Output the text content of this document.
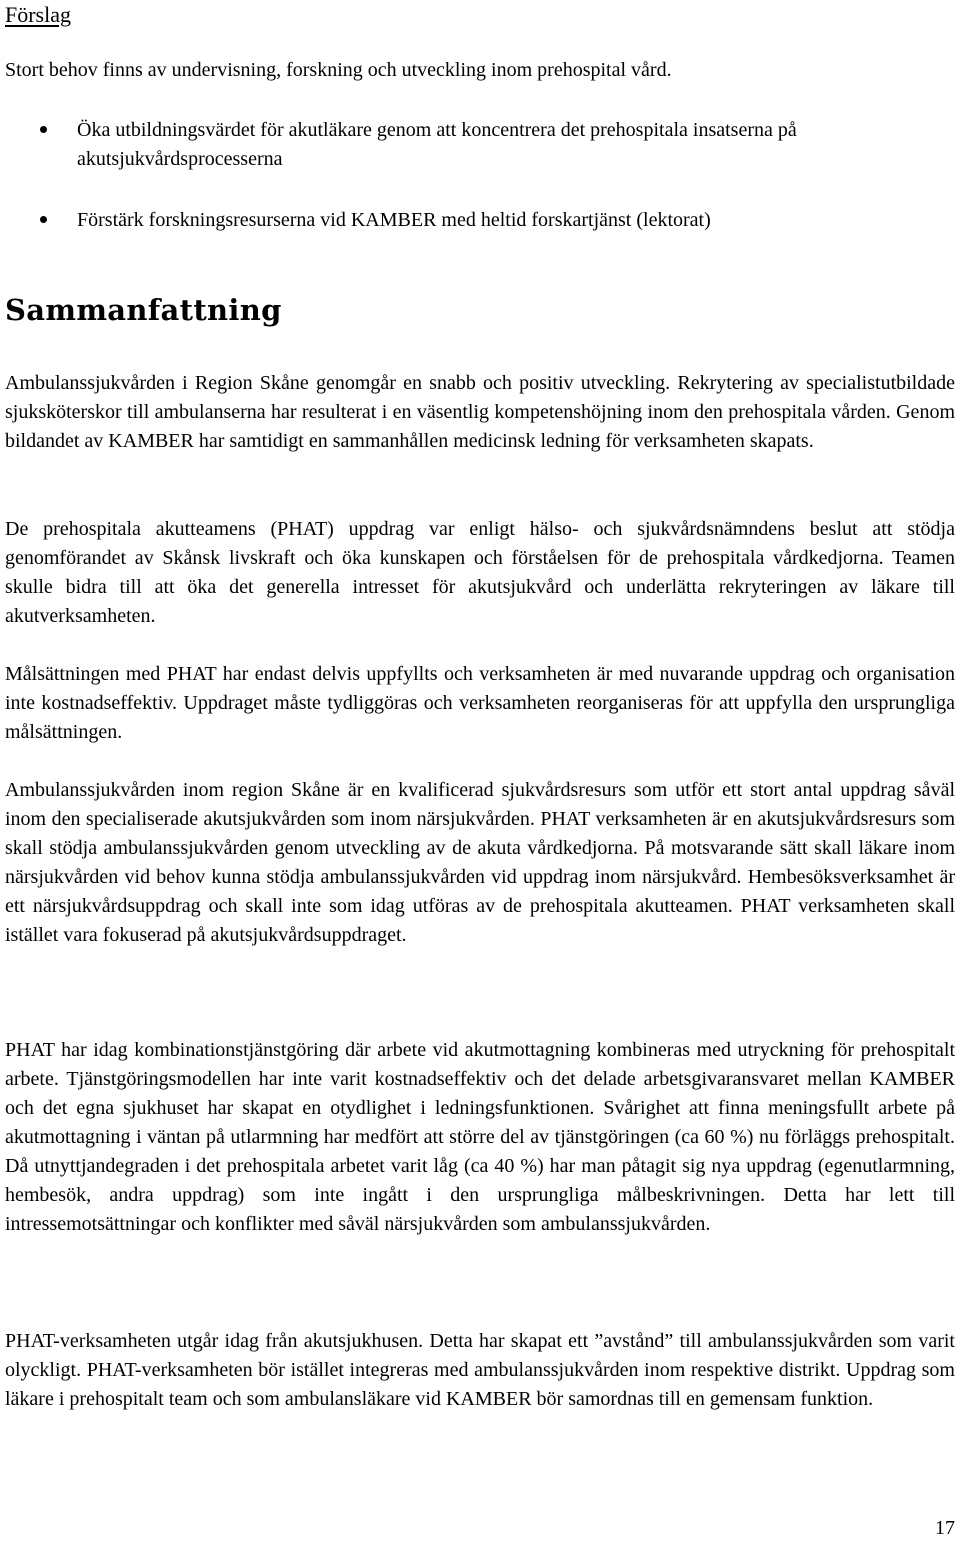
Förslag
Stort behov finns av undervisning, forskning och utveckling inom prehospital vård.
Öka utbildningsvärdet för akutläkare genom att koncentrera det prehospitala insatserna på akutsjukvårdsprocesserna
Förstärk forskningsresurserna vid KAMBER med heltid forskartjänst (lektorat)
Sammanfattning

Ambulanssjukvården i Region Skåne genomgår en snabb och positiv utveckling. Rekrytering av specialistutbildade sjuksköterskor till ambulanserna har resulterat i en väsentlig kompetenshöjning inom den prehospitala vården. Genom bildandet av KAMBER har samtidigt en sammanhållen medicinsk ledning för verksamheten skapats.

De prehospitala akutteamens (PHAT) uppdrag var enligt hälso- och sjukvårdsnämndens beslut att stödja genomförandet av Skånsk livskraft och öka kunskapen och förståelsen för de prehospitala vårdkedjorna. Teamen skulle bidra till att öka det generella intresset för akutsjukvård och underlätta rekryteringen av läkare till akutverksamheten.

Målsättningen med PHAT har endast delvis uppfyllts och verksamheten är med nuvarande uppdrag och organisation inte kostnadseffektiv. Uppdraget måste tydliggöras och verksamheten reorganiseras för att uppfylla den ursprungliga målsättningen.

Ambulanssjukvården inom region Skåne är en kvalificerad sjukvårdsresurs som utför ett stort antal uppdrag såväl inom den specialiserade akutsjukvården som inom närsjukvården. PHAT verksamheten är en akutsjukvårdsresurs som skall stödja ambulanssjukvården genom utveckling av de akuta vårdkedjorna. På motsvarande sätt skall läkare inom närsjukvården vid behov kunna stödja ambulanssjukvården vid uppdrag inom närsjukvård. Hembesöksverksamhet är ett närsjukvårdsuppdrag och skall inte som idag utföras av de prehospitala akutteamen. PHAT verksamheten skall istället vara fokuserad på akutsjukvårdsuppdraget.

PHAT har idag kombinationstjänstgöring där arbete vid akutmottagning kombineras med utryckning för prehospitalt arbete. Tjänstgöringsmodellen har inte varit kostnadseffektiv och det delade arbetsgivaransvaret mellan KAMBER och det egna sjukhuset har skapat en otydlighet i ledningsfunktionen. Svårighet att finna meningsfullt arbete på akutmottagning i väntan på utlarmning har medfört att större del av tjänstgöringen (ca 60 %) nu förläggs prehospitalt. Då utnyttjandegraden i det prehospitala arbetet varit låg (ca 40 %) har man påtagit sig nya uppdrag (egenutlarmning, hembesök, andra uppdrag) som inte ingått i den ursprungliga målbeskrivningen. Detta har lett till intressemotsättningar och konflikter med såväl närsjukvården som ambulanssjukvården.

PHAT-verksamheten utgår idag från akutsjukhusen. Detta har skapat ett ”avstånd” till ambulanssjukvården som varit olyckligt. PHAT-verksamheten bör istället integreras med ambulanssjukvården inom respektive distrikt. Uppdrag som läkare i prehospitalt team och som ambulansläkare vid KAMBER bör samordnas till en gemensam funktion.

17
